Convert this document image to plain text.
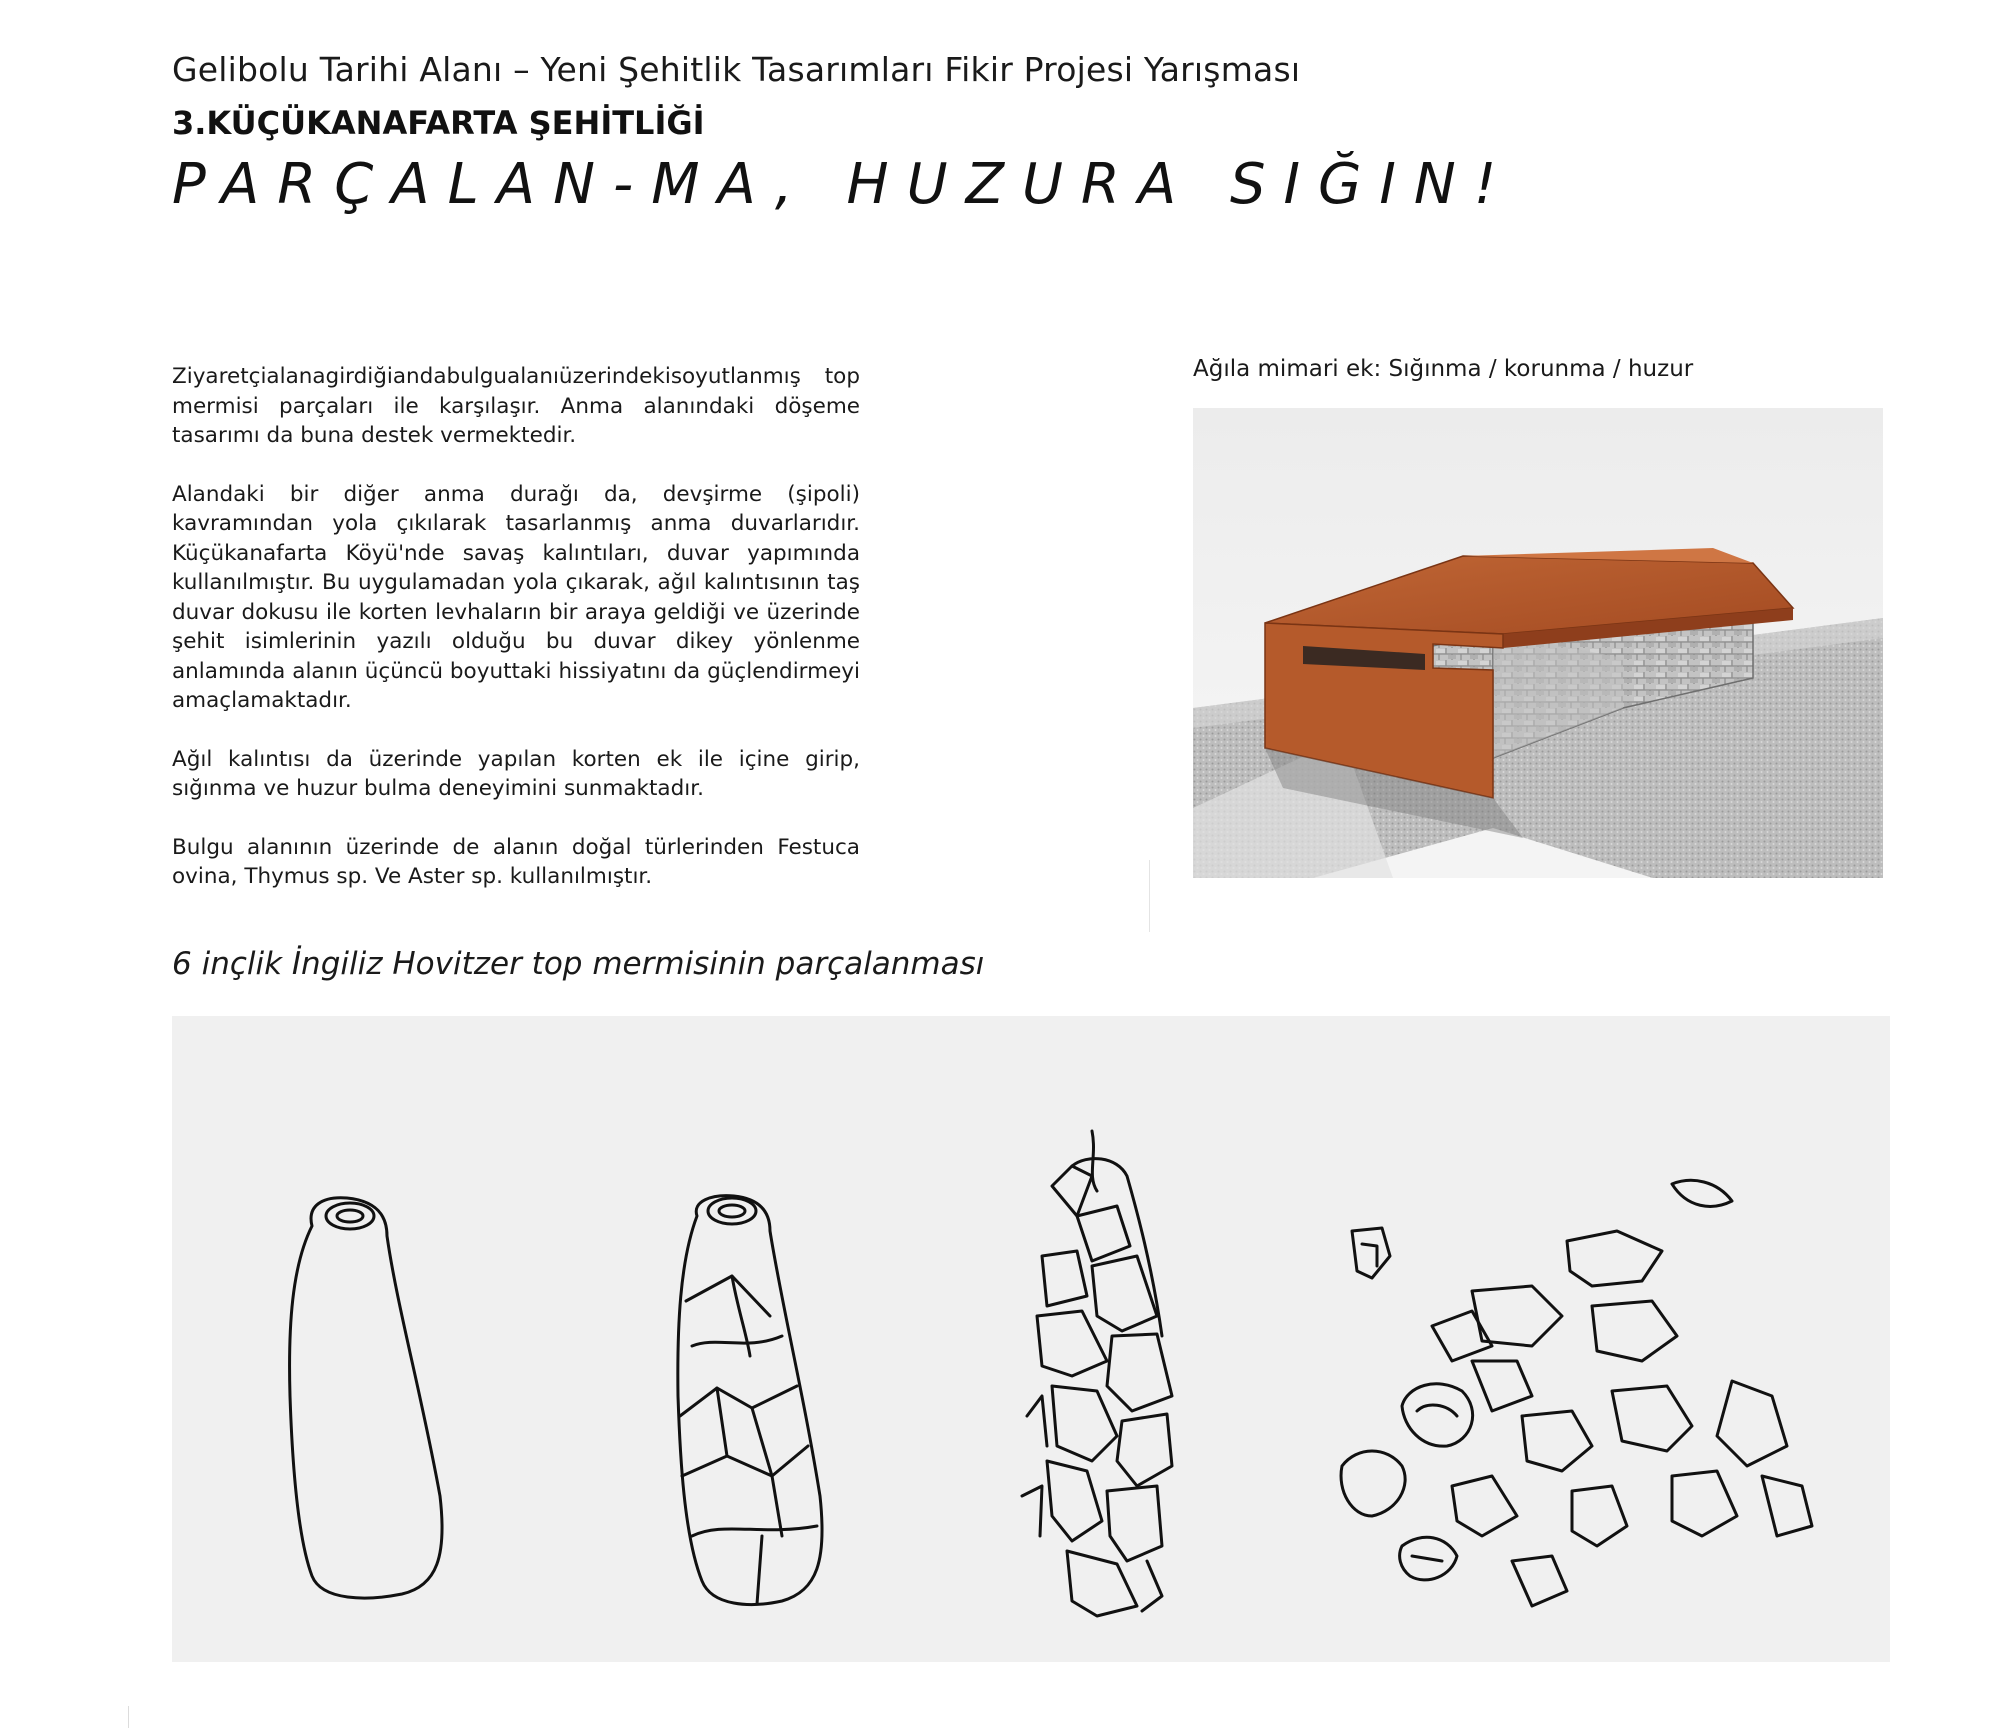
Gelibolu Tarihi Alanı – Yeni Şehitlik Tasarımları Fikir Projesi Yarışması
3.KÜÇÜKANAFARTA ŞEHİTLİĞİ
PARÇALAN-MA, HUZURA SIĞIN!

Ziyaretçialanagirdiğiandabulgualanıüzerindekisoyutlanmış top mermisi parçaları ile karşılaşır. Anma alanındaki döşeme tasarımı da buna destek vermektedir.

Alandaki bir diğer anma durağı da, devşirme (şipoli) kavramından yola çıkılarak tasarlanmış anma duvarlarıdır. Küçükanafarta Köyü'nde savaş kalıntıları, duvar yapımında kullanılmıştır. Bu uygulamadan yola çıkarak, ağıl kalıntısının taş duvar dokusu ile korten levhaların bir araya geldiği ve üzerinde şehit isimlerinin yazılı olduğu bu duvar dikey yönlenme anlamında alanın üçüncü boyuttaki hissiyatını da güçlendirmeyi amaçlamaktadır.

Ağıl kalıntısı da üzerinde yapılan korten ek ile içine girip, sığınma ve huzur bulma deneyimini sunmaktadır.

Bulgu alanının üzerinde de alanın doğal türlerinden Festuca ovina, Thymus sp. Ve Aster sp. kullanılmıştır.

Ağıla mimari ek: Sığınma / korunma / huzur
6 inçlik İngiliz Hovitzer top mermisinin parçalanması
